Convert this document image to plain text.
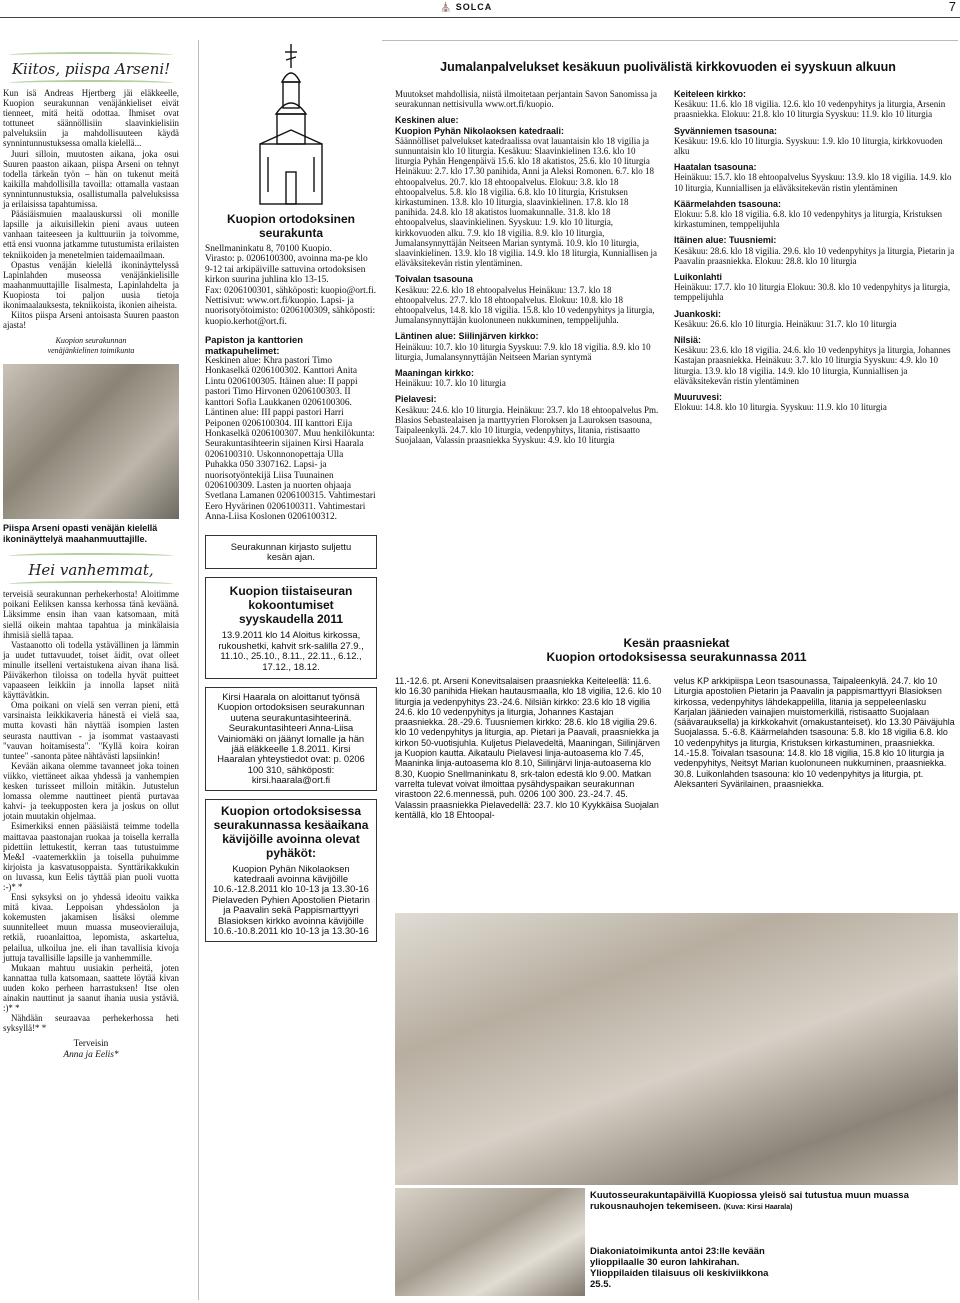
⛪ SOLCA	7
Kiitos, piispa Arseni!

Kun isä Andreas Hjertberg jäi eläkkeelle, Kuopion seurakunnan venäjänkieliset eivät tienneet, mitä heitä odottaa. Ihmiset ovat tottuneet säännöllisiin slaavinkielisiin palveluksiin ja mahdollisuuteen käydä synnintunnustuksessa omalla kielellä...

Juuri silloin, muutosten aikana, joka osui Suuren paaston aikaan, piispa Arseni on tehnyt todella tärkeän työn – hän on tukenut meitä kaikilla mahdollisilla tavoilla: ottamalla vastaan synnintunnustuksia, osallistumalla palveluksissa ja erilaisissa tapahtumissa.

Pääsiäismuien maalauskurssi oli monille lapsille ja aikuisillekin pieni avaus uuteen vanhaan taiteeseen ja kulttuuriin ja toivomme, että ensi vuonna jatkamme tutustumista erilaisten tekniikoiden ja menetelmien taidemaailmaan.

Opastus venäjän kielellä ikoninäyttelyssä Lapinlahden museossa venäjänkielisille maahanmuuttajille Iisalmesta, Lapinlahdelta ja Kuopiosta toi paljon uusia tietoja ikonimaalauksesta, tekniikoista, ikonien aiheista.

Kiitos piispa Arseni antoisasta Suuren paaston ajasta!

Kuopion seurakunnan
venäjänkielinen toimikunta
Piispa Arseni opasti venäjän kielellä ikoninäyttelyä maahanmuuttajille.
Hei vanhemmat,

terveisiä seurakunnan perhekerhosta! Aloitimme poikani Eeliksen kanssa kerhossa tänä keväänä. Läksimme ensin ihan vaan katsomaan, mitä siellä oikein mahtaa tapahtua ja minkälaisia ihmisiä siellä tapaa.

Vastaanotto oli todella ystävällinen ja lämmin ja uudet tuttavuudet, toiset äidit, ovat olleet minulle itselleni vertaistukena aivan ihana lisä. Päiväkerhon tiloissa on todella hyvät puitteet vapaaseen leikkiin ja innolla lapset niitä käyttävätkin.

Oma poikani on vielä sen verran pieni, että varsinaista leikkikaveria hänestä ei vielä saa, mutta kovasti hän näyttää isompien lasten seurasta nauttivan - ja isommat vastaavasti "vauvan hoitamisesta". "Kyllä koira koiran tuntee" -sanonta pätee nähtävästi lapsiinkin!

Kevään aikana olemme tavanneet joka toinen viikko, viettäneet aikaa yhdessä ja vanhempien kesken turisseet milloin mitäkin. Jutustelun lomassa olemme nauttineet pientä purtavaa kahvi- ja teekupposten kera ja joskus on ollut jotain muutakin ohjelmaa.

Esimerkiksi ennen pääsiäistä teimme todella maittavaa paastonajan ruokaa ja toisella kerralla pidettiin lettukestit, kerran taas tutustuimme Me&I -vaatemerkkiin ja toisella puhuimme kirjoista ja kasvatusoppaista. Synttärikakkukin on luvassa, kun Eelis täyttää pian puoli vuotta :-)* *

Ensi syksyksi on jo yhdessä ideoitu vaikka mitä kivaa. Leppoisan yhdessäolon ja kokemusten jakamisen lisäksi olemme suunnitelleet muun muassa museovierailuja, retkiä, ruoanlaittoa, lepomista, askartelua, pelailua, ulkoilua jne. eli ihan tavallisia kivoja juttuja tavallisille lapsille ja vanhemmille.

Mukaan mahtuu uusiakin perheitä, joten kannattaa tulla katsomaan, saattete löytää kivan uuden koko perheen harrastuksen! Itse olen ainakin nauttinut ja saanut ihania uusia ystäviä. :)* *

Nähdään seuraavaa perhekerhossa heti syksyllä!* *

Terveisin
Anna ja Eelis*
Kuopion ortodoksinen seurakunta

Snellmaninkatu 8, 70100 Kuopio.

Virasto: p. 0206100300, avoinna ma-pe klo 9-12 tai arkipäiville sattuvina ortodoksisen kirkon suurina juhlina klo 13-15.

Fax: 0206100301, sähköposti: kuopio@ort.fi. Nettisivut: www.ort.fi/kuopio. Lapsi- ja nuorisotyötoimisto: 0206100309, sähköposti: kuopio.kerhot@ort.fi.

Papiston ja kanttorien matkapuhelimet:
Keskinen alue: Khra pastori Timo Honkaselkä 0206100302. Kanttori Anita Lintu 0206100305. Itäinen alue: II pappi pastori Timo Hirvonen 0206100303. II kanttori Sofia Laukkanen 0206100306. Läntinen alue: III pappi pastori Harri Peiponen 0206100304. III kanttori Eija Honkaselkä 0206100307. Muu henkilökunta: Seurakuntasihteerin sijainen Kirsi Haarala 0206100310. Uskonnonopettaja Ulla Puhakka 050 3307162. Lapsi- ja nuorisotyöntekijä Liisa Tuunainen 0206100309. Lasten ja nuorten ohjaaja Svetlana Lamanen 0206100315. Vahtimestari Eero Hyvärinen 0206100311. Vahtimestari Anna-Liisa Koslonen 0206100312.
Seurakunnan kirjasto suljettu kesän ajan.
Kuopion tiistaiseuran kokoontumiset syyskaudella 2011
13.9.2011 klo 14 Aloitus kirkossa, rukoushetki, kahvit srk-salilla 27.9., 11.10., 25.10., 8.11., 22.11., 6.12., 17.12., 18.12.
Kirsi Haarala on aloittanut työnsä Kuopion ortodoksisen seurakunnan uutena seurakuntasihteerinä. Seurakuntasihteeri Anna-Liisa Vainiomäki on jäänyt lomalle ja hän jää eläkkeelle 1.8.2011. Kirsi Haaralan yhteystiedot ovat: p. 0206 100 310, sähköposti: kirsi.haarala@ort.fi
Kuopion ortodoksisessa seurakunnassa kesäaikana kävijöille avoinna olevat pyhäköt:
Kuopion Pyhän Nikolaoksen katedraali avoinna kävijöille 10.6.-12.8.2011 klo 10-13 ja 13.30-16 Pielaveden Pyhien Apostolien Pietarin ja Paavalin sekä Pappismarttyyri Blasioksen kirkko avoinna kävijöille 10.6.-10.8.2011 klo 10-13 ja 13.30-16
Jumalanpalvelukset kesäkuun puolivälistä kirkkovuoden ei syyskuun alkuun
Muutokset mahdollisia, niistä ilmoitetaan perjantain Savon Sanomissa ja seurakunnan nettisivulla www.ort.fi/kuopio.
Keskinen alue:
Kuopion Pyhän Nikolaoksen katedraali:
Säännölliset palvelukset katedraalissa ovat lauantaisin klo 18 vigilia ja sunnuntaisin klo 10 liturgia. Kesäkuu: Slaavinkielinen 13.6. klo 10 liturgia Pyhän Hengenpäivä 15.6. klo 18 akatistos, 25.6. klo 10 liturgia Heinäkuu: 2.7. klo 17.30 panihida, Anni ja Aleksi Romonen. 6.7. klo 18 ehtoopalvelus. 20.7. klo 18 ehtoopalvelus. Elokuu: 3.8. klo 18 ehtoopalvelus. 5.8. klo 18 vigilia. 6.8. klo 10 liturgia, Kristuksen kirkastuminen. 13.8. klo 10 liturgia, slaavinkielinen. 17.8. klo 18 panihida. 24.8. klo 18 akatistos luomakunnalle. 31.8. klo 18 ehtoopalvelus, slaavinkielinen. Syyskuu: 1.9. klo 10 liturgia, kirkkovuoden alku. 7.9. klo 18 vigilia. 8.9. klo 10 liturgia, Jumalansynnyttäjän Neitseen Marian syntymä. 10.9. klo 10 liturgia, slaavinkielinen. 13.9. klo 18 vigilia. 14.9. klo 18 liturgia, Kunniallisen ja eläväksitekevän ristin ylentäminen.
Toivalan tsasouna
Kesäkuu: 22.6. klo 18 ehtoopalvelus Heinäkuu: 13.7. klo 18 ehtoopalvelus. 27.7. klo 18 ehtoopalvelus. Elokuu: 10.8. klo 18 ehtoopalvelus, 14.8. klo 18 vigilia. 15.8. klo 10 vedenpyhitys ja liturgia, Jumalansynnyttäjän kuolonuneen nukkuminen, temppelijuhla.
Läntinen alue: Siilinjärven kirkko:
Heinäkuu: 10.7. klo 10 liturgia Syyskuu: 7.9. klo 18 vigilia. 8.9. klo 10 liturgia, Jumalansynnyttäjän Neitseen Marian syntymä
Maaningan kirkko:
Heinäkuu: 10.7. klo 10 liturgia
Pielavesi:
Kesäkuu: 24.6. klo 10 liturgia. Heinäkuu: 23.7. klo 18 ehtoopalvelus Pm. Blasios Sebastealaisen ja marttyyrien Floroksen ja Lauroksen tsasouna, Taipaleenkylä. 24.7. klo 10 liturgia, vedenpyhitys, litania, ristisaatto Suojalaan, Valassin praasniekka Syyskuu: 4.9. klo 10 liturgia
Keiteleen kirkko:
Kesäkuu: 11.6. klo 18 vigilia. 12.6. klo 10 vedenpyhitys ja liturgia, Arsenin praasniekka. Elokuu: 21.8. klo 10 liturgia Syyskuu: 11.9. klo 10 liturgia
Syvänniemen tsasouna:
Kesäkuu: 19.6. klo 10 liturgia. Syyskuu: 1.9. klo 10 liturgia, kirkkovuoden alku
Haatalan tsasouna:
Heinäkuu: 15.7. klo 18 ehtoopalvelus Syyskuu: 13.9. klo 18 vigilia. 14.9. klo 10 liturgia, Kunniallisen ja eläväksitekevän ristin ylentäminen
Käärmelahden tsasouna:
Elokuu: 5.8. klo 18 vigilia. 6.8. klo 10 vedenpyhitys ja liturgia, Kristuksen kirkastuminen, temppelijuhla
Itäinen alue: Tuusniemi:
Kesäkuu: 28.6. klo 18 vigilia. 29.6. klo 10 vedenpyhitys ja liturgia, Pietarin ja Paavalin praasniekka. Elokuu: 28.8. klo 10 liturgia
Luikonlahti
Heinäkuu: 17.7. klo 10 liturgia Elokuu: 30.8. klo 10 vedenpyhitys ja liturgia, temppelijuhla
Juankoski:
Kesäkuu: 26.6. klo 10 liturgia. Heinäkuu: 31.7. klo 10 liturgia
Nilsiä:
Kesäkuu: 23.6. klo 18 vigilia. 24.6. klo 10 vedenpyhitys ja liturgia, Johannes Kastajan praasniekka. Heinäkuu: 3.7. klo 10 liturgia Syyskuu: 4.9. klo 10 liturgia. 13.9. klo 18 vigilia. 14.9. klo 10 liturgia, Kunniallisen ja eläväksitekevän ristin ylentäminen
Muuruvesi:
Elokuu: 14.8. klo 10 liturgia. Syyskuu: 11.9. klo 10 liturgia
Kesän praasniekat
Kuopion ortodoksisessa seurakunnassa 2011
11.-12.6. pt. Arseni Konevitsalaisen praasniekka Keiteleellä: 11.6. klo 16.30 panihida Hiekan hautausmaalla, klo 18 vigilia, 12.6. klo 10 liturgia ja vedenpyhitys 23.-24.6. Nilsiän kirkko: 23.6 klo 18 vigilia 24.6. klo 10 vedenpyhitys ja liturgia, Johannes Kastajan praasniekka. 28.-29.6. Tuusniemen kirkko: 28.6. klo 18 vigilia 29.6. klo 10 vedenpyhitys ja liturgia, ap. Pietari ja Paavali, praasniekka ja kirkon 50-vuotisjuhla. Kuljetus Pielavedeltä, Maaningan, Siilinjärven ja Kuopion kautta. Aikataulu Pielavesi linja-autoasema klo 7.45, Maaninka linja-autoasema klo 8.10, Siilinjärvi linja-autoasema klo 8.30, Kuopio Snellmaninkatu 8, srk-talon edestä klo 9.00. Matkan varrelta tulevat voivat ilmoittaa pysähdyspaikan seurakunnan virastoon 22.6.mennessä, puh. 0206 100 300. 23.-24.7. 45. Valassin praasniekka Pielavedellä: 23.7. klo 10 Kyykkäisa Suojalan kentällä, klo 18 Ehtoopal-
velus KP arkkipiispa Leon tsasounassa, Taipaleenkylä. 24.7. klo 10 Liturgia apostolien Pietarin ja Paavalin ja pappismarttyyri Blasioksen kirkossa, vedenpyhitys lähdekappelilla, litania ja seppeleenlasku Karjalan jäänieden vainajien muistomerkillä, ristisaatto Suojalaan (säävarauksella) ja kirkkokahvit (omakustanteiset). klo 13.30 Päiväjuhla Suojalassa. 5.-6.8. Käärmelahden tsasouna: 5.8. klo 18 vigilia 6.8. klo 10 vedenpyhitys ja liturgia, Kristuksen kirkastuminen, praasniekka. 14.-15.8. Toivalan tsasouna: 14.8. klo 18 vigilia, 15.8 klo 10 liturgia ja vedenpyhitys, Neitsyt Marian kuolonuneen nukkuminen, praasniekka. 30.8. Luikonlahden tsasouna: klo 10 vedenpyhitys ja liturgia, pt. Aleksanteri Syvärilainen, praasniekka.
Kuutosseurakuntapäivillä Kuopiossa yleisö sai tutustua muun muassa rukousnauhojen tekemiseen. (Kuva: Kirsi Haarala)
Diakoniatoimikunta antoi 23:lle kevään ylioppilaalle 30 euron lahkirahan. Ylioppilaiden tilaisuus oli keskiviikkona 25.5.
